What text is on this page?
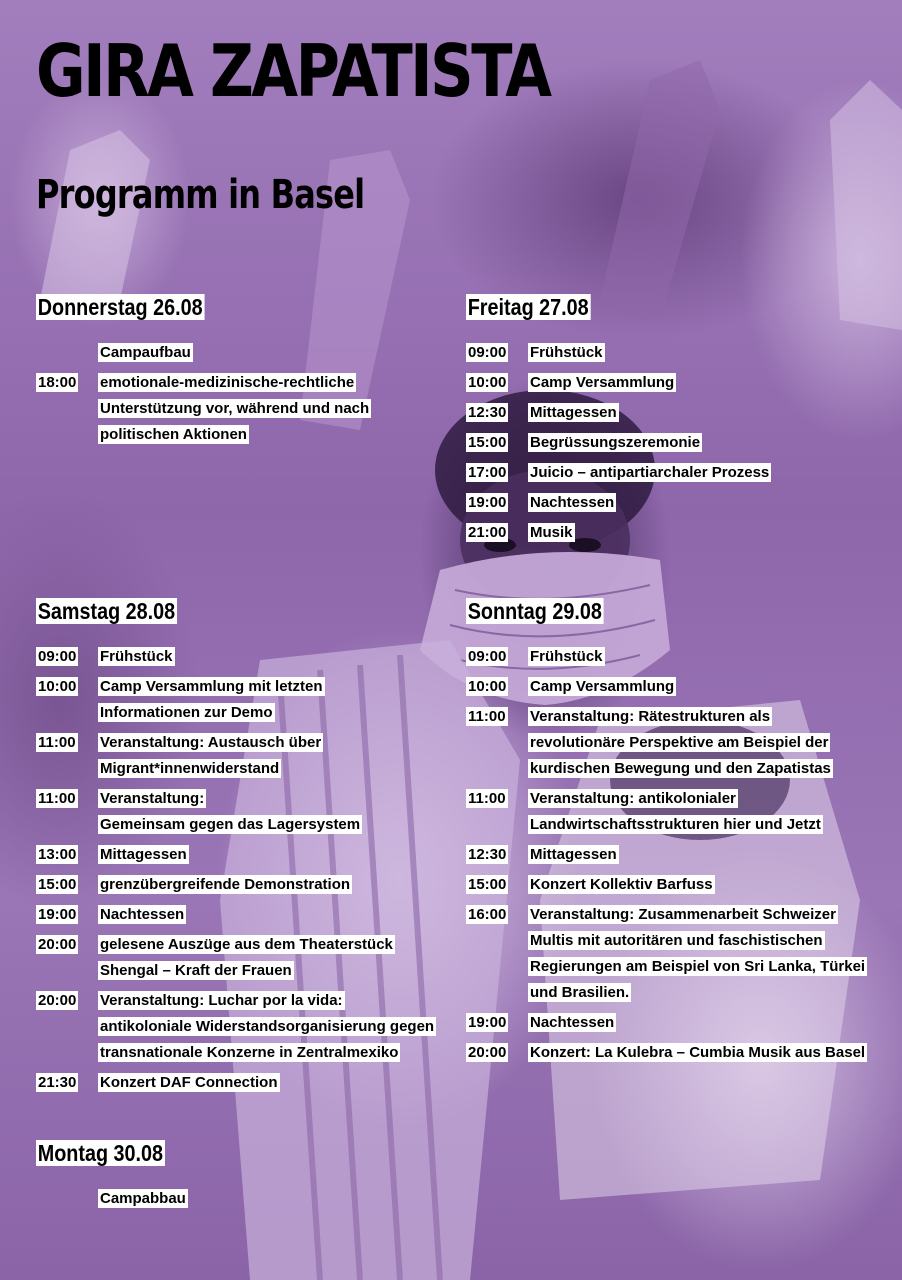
GIRA ZAPATISTA
Programm in Basel
Donnerstag 26.08
Campaufbau
18:00 emotionale-medizinische-rechtliche
Unterstützung vor, während und nach
politischen Aktionen
Freitag 27.08
09:00 Frühstück
10:00 Camp Versammlung
12:30 Mittagessen
15:00 Begrüssungszeremonie
17:00 Juicio – antipartiarchaler Prozess
19:00 Nachtessen
21:00 Musik
Samstag 28.08
09:00 Frühstück
10:00 Camp Versammlung mit letzten
Informationen zur Demo
11:00 Veranstaltung: Austausch über
Migrant*innenwiderstand
11:00 Veranstaltung:
Gemeinsam gegen das Lagersystem
13:00 Mittagessen
15:00 grenzübergreifende Demonstration
19:00 Nachtessen
20:00 gelesene Auszüge aus dem Theaterstück
Shengal – Kraft der Frauen
20:00 Veranstaltung: Luchar por la vida:
antikoloniale Widerstandsorganisierung gegen
transnationale Konzerne in Zentralmexiko
21:30 Konzert DAF Connection
Sonntag 29.08
09:00 Frühstück
10:00 Camp Versammlung
11:00 Veranstaltung: Rätestrukturen als
revolutionäre Perspektive am Beispiel der
kurdischen Bewegung und den Zapatistas
11:00 Veranstaltung: antikolonialer
Landwirtschaftsstrukturen hier und Jetzt
12:30 Mittagessen
15:00 Konzert Kollektiv Barfuss
16:00 Veranstaltung: Zusammenarbeit Schweizer
Multis mit autoritären und faschistischen
Regierungen am Beispiel von Sri Lanka, Türkei
und Brasilien.
19:00 Nachtessen
20:00 Konzert: La Kulebra – Cumbia Musik aus Basel
Montag 30.08
Campabbau
